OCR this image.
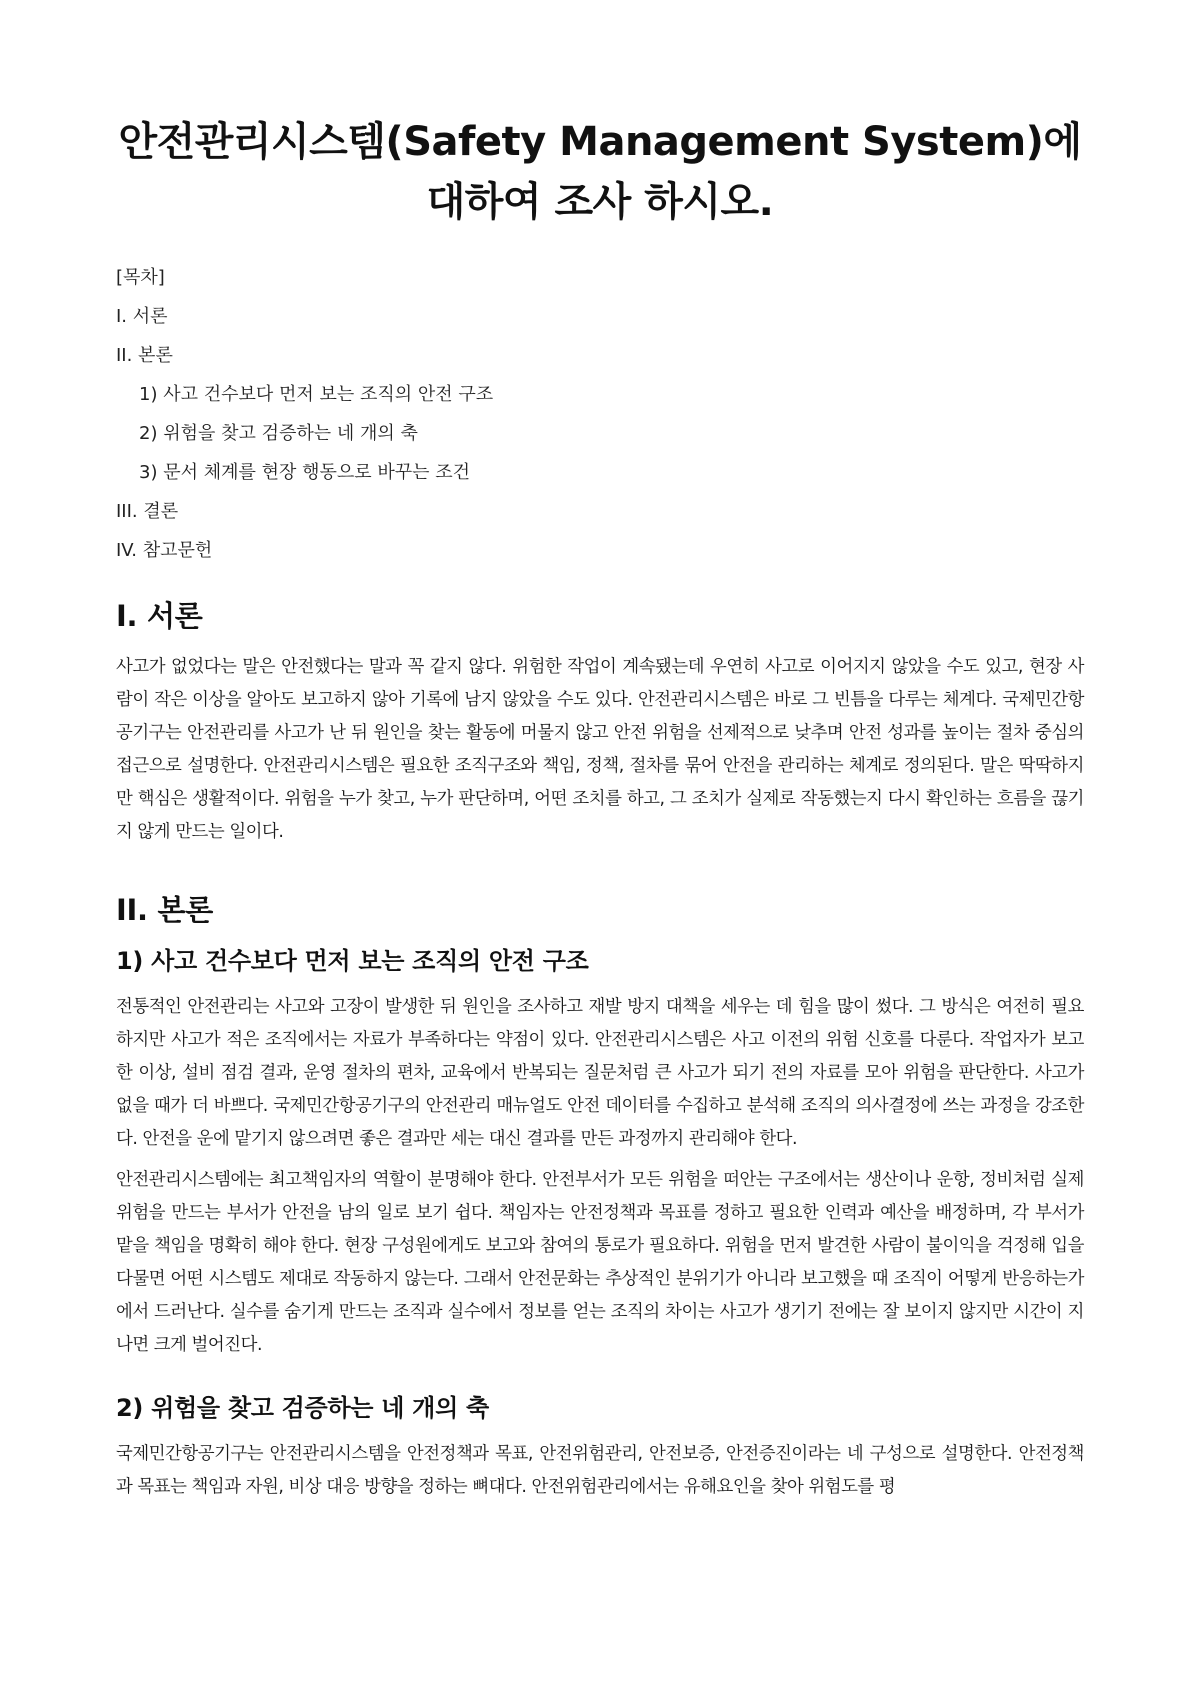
안전관리시스템(Safety Management System)에 대하여 조사 하시오.
[목차]
I. 서론
II. 본론
1) 사고 건수보다 먼저 보는 조직의 안전 구조
2) 위험을 찾고 검증하는 네 개의 축
3) 문서 체계를 현장 행동으로 바꾸는 조건
III. 결론
IV. 참고문헌
I. 서론

사고가 없었다는 말은 안전했다는 말과 꼭 같지 않다. 위험한 작업이 계속됐는데 우연히 사고로 이어지지 않았을 수도 있고, 현장 사람이 작은 이상을 알아도 보고하지 않아 기록에 남지 않았을 수도 있다. 안전관리시스템은 바로 그 빈틈을 다루는 체계다. 국제민간항공기구는 안전관리를 사고가 난 뒤 원인을 찾는 활동에 머물지 않고 안전 위험을 선제적으로 낮추며 안전 성과를 높이는 절차 중심의 접근으로 설명한다. 안전관리시스템은 필요한 조직구조와 책임, 정책, 절차를 묶어 안전을 관리하는 체계로 정의된다. 말은 딱딱하지만 핵심은 생활적이다. 위험을 누가 찾고, 누가 판단하며, 어떤 조치를 하고, 그 조치가 실제로 작동했는지 다시 확인하는 흐름을 끊기지 않게 만드는 일이다.

II. 본론
1) 사고 건수보다 먼저 보는 조직의 안전 구조

전통적인 안전관리는 사고와 고장이 발생한 뒤 원인을 조사하고 재발 방지 대책을 세우는 데 힘을 많이 썼다. 그 방식은 여전히 필요하지만 사고가 적은 조직에서는 자료가 부족하다는 약점이 있다. 안전관리시스템은 사고 이전의 위험 신호를 다룬다. 작업자가 보고한 이상, 설비 점검 결과, 운영 절차의 편차, 교육에서 반복되는 질문처럼 큰 사고가 되기 전의 자료를 모아 위험을 판단한다. 사고가 없을 때가 더 바쁘다. 국제민간항공기구의 안전관리 매뉴얼도 안전 데이터를 수집하고 분석해 조직의 의사결정에 쓰는 과정을 강조한다. 안전을 운에 맡기지 않으려면 좋은 결과만 세는 대신 결과를 만든 과정까지 관리해야 한다.

안전관리시스템에는 최고책임자의 역할이 분명해야 한다. 안전부서가 모든 위험을 떠안는 구조에서는 생산이나 운항, 정비처럼 실제 위험을 만드는 부서가 안전을 남의 일로 보기 쉽다. 책임자는 안전정책과 목표를 정하고 필요한 인력과 예산을 배정하며, 각 부서가 맡을 책임을 명확히 해야 한다. 현장 구성원에게도 보고와 참여의 통로가 필요하다. 위험을 먼저 발견한 사람이 불이익을 걱정해 입을 다물면 어떤 시스템도 제대로 작동하지 않는다. 그래서 안전문화는 추상적인 분위기가 아니라 보고했을 때 조직이 어떻게 반응하는가에서 드러난다. 실수를 숨기게 만드는 조직과 실수에서 정보를 얻는 조직의 차이는 사고가 생기기 전에는 잘 보이지 않지만 시간이 지나면 크게 벌어진다.

2) 위험을 찾고 검증하는 네 개의 축

국제민간항공기구는 안전관리시스템을 안전정책과 목표, 안전위험관리, 안전보증, 안전증진이라는 네 구성으로 설명한다. 안전정책과 목표는 책임과 자원, 비상 대응 방향을 정하는 뼈대다. 안전위험관리에서는 유해요인을 찾아 위험도를 평
